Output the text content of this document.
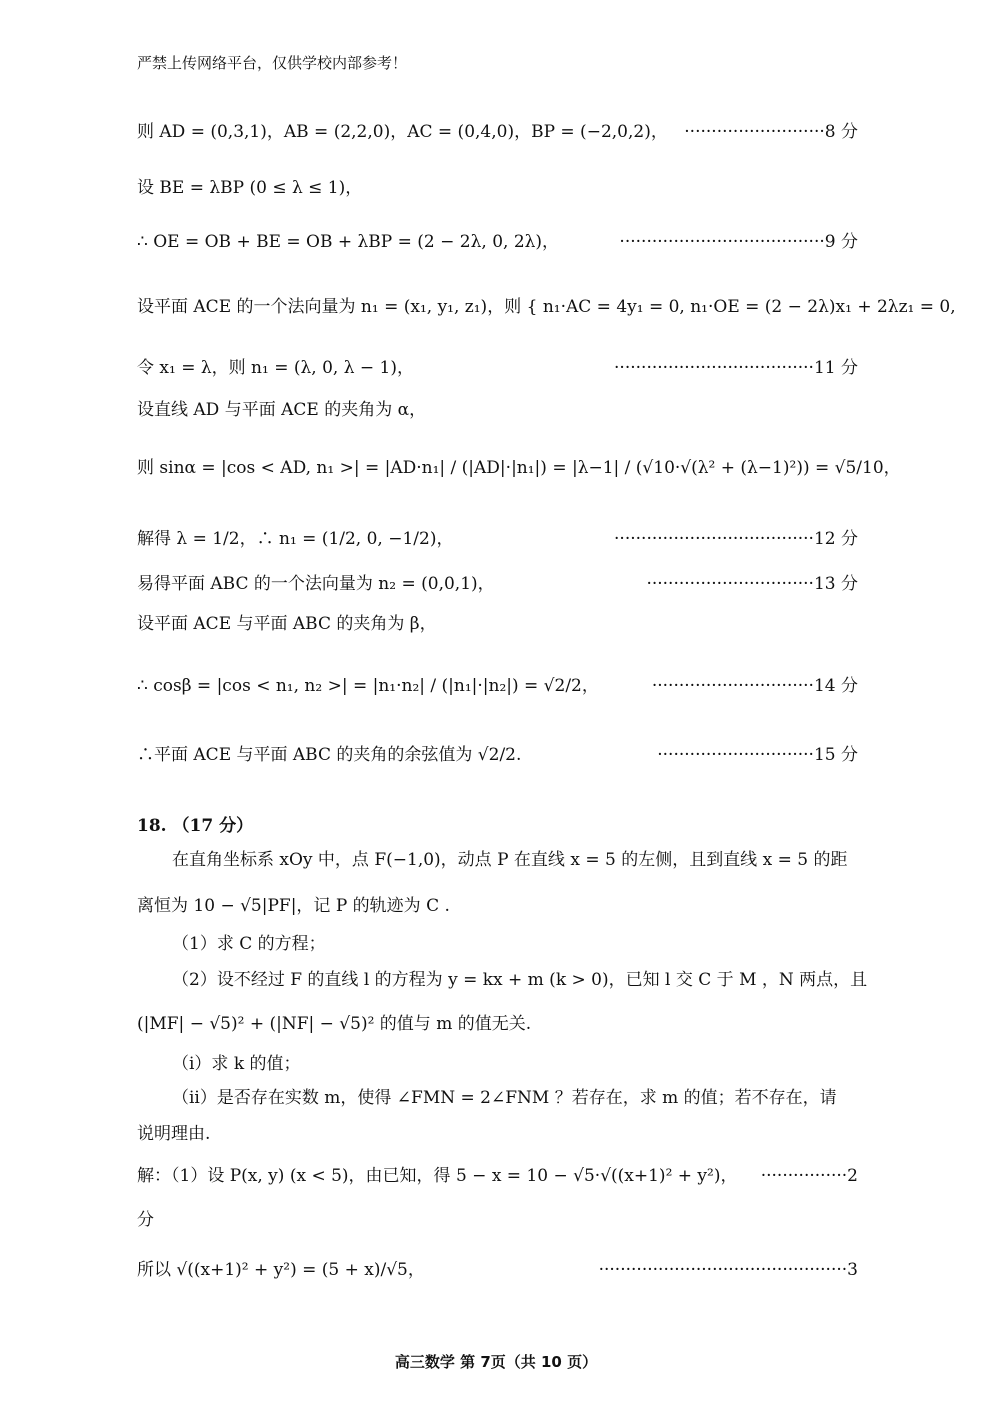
严禁上传网络平台，仅供学校内部参考！
则 AD = (0,3,1)，AB = (2,2,0)，AC = (0,4,0)，BP = (−2,0,2)， ··························8 分
设 BE = λBP (0 ≤ λ ≤ 1)，
∴ OE = OB + BE = OB + λBP = (2 − 2λ, 0, 2λ)，	······································9 分
设平面 ACE 的一个法向量为 n₁ = (x₁, y₁, z₁)，则 { n₁·AC = 4y₁ = 0, n₁·OE = (2 − 2λ)x₁ + 2λz₁ = 0,
令 x₁ = λ，则 n₁ = (λ, 0, λ − 1)，	·····································11 分
设直线 AD 与平面 ACE 的夹角为 α，
则 sinα = |cos < AD, n₁ >| = |AD·n₁| / (|AD|·|n₁|) = |λ−1| / (√10·√(λ² + (λ−1)²)) = √5/10，
解得 λ = 1/2，∴ n₁ = (1/2, 0, −1/2)，	·····································12 分
易得平面 ABC 的一个法向量为 n₂ = (0,0,1)，	·······························13 分
设平面 ACE 与平面 ABC 的夹角为 β，
∴ cosβ = |cos < n₁, n₂ >| = |n₁·n₂| / (|n₁|·|n₂|) = √2/2，	······························14 分
∴平面 ACE 与平面 ABC 的夹角的余弦值为 √2/2.	·····························15 分
18. （17 分）
在直角坐标系 xOy 中，点 F(−1,0)，动点 P 在直线 x = 5 的左侧，且到直线 x = 5 的距
离恒为 10 − √5|PF|，记 P 的轨迹为 C .
（1）求 C 的方程；
（2）设不经过 F 的直线 l 的方程为 y = kx + m (k > 0)，已知 l 交 C 于 M ，N 两点，且
(|MF| − √5)² + (|NF| − √5)² 的值与 m 的值无关.
（i）求 k 的值；
（ii）是否存在实数 m，使得 ∠FMN = 2∠FNM ？若存在，求 m 的值；若不存在，请
说明理由.
解：（1）设 P(x, y) (x < 5)，由已知，得 5 − x = 10 − √5·√((x+1)² + y²)， ················2
分
所以 √((x+1)² + y²) = (5 + x)/√5，	··············································3
高三数学 第 7页（共 10 页）
